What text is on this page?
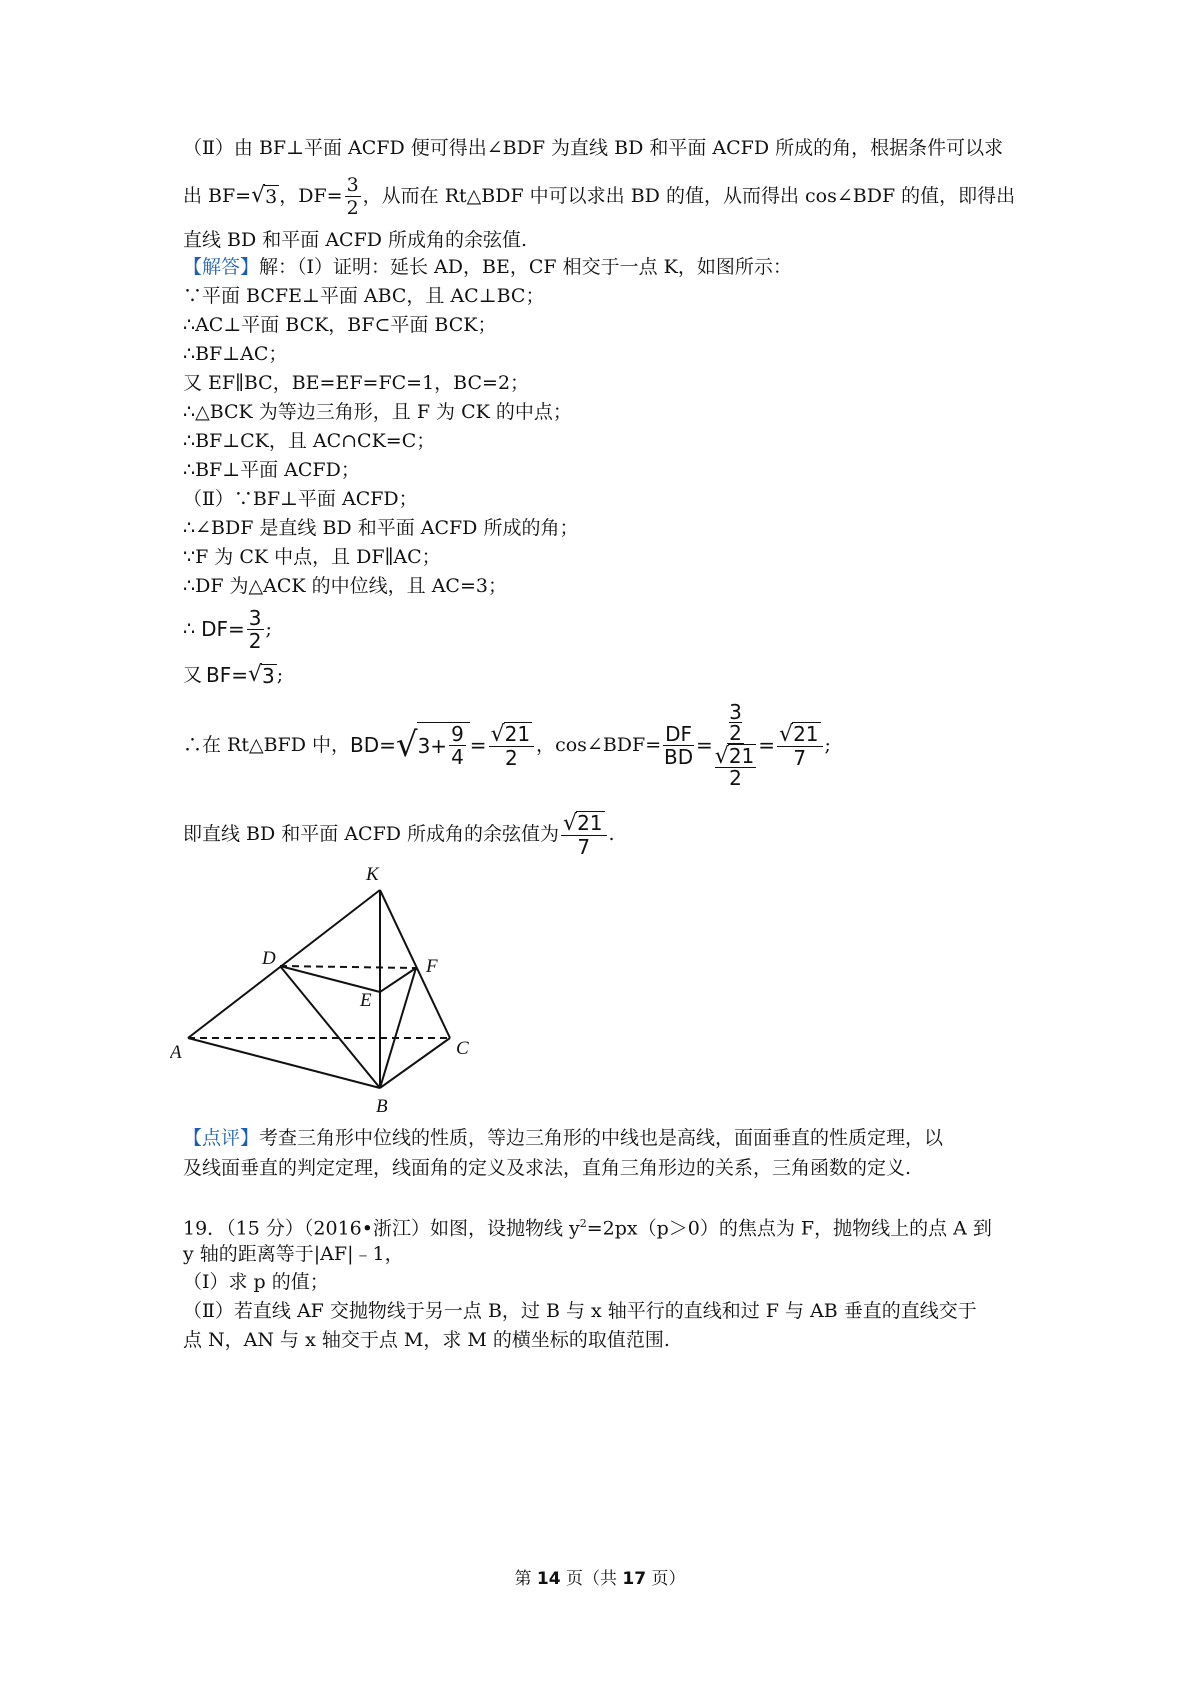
（Ⅱ）由 BF⊥平面 ACFD 便可得出∠BDF 为直线 BD 和平面 ACFD 所成的角，根据条件可以求
出 BF= √ 3 ，$DF= \frac{3}{2}$ ，从而在 Rt△BDF 中可以求出 BD 的值，从而得出 cos∠BDF 的值，即得出
直线 BD 和平面 ACFD 所成角的余弦值.
【解答】解：（Ⅰ）证明：延长 AD，BE，CF 相交于一点 K，如图所示：
∵平面 BCFE⊥平面 ABC，且 AC⊥BC；
∴AC⊥平面 BCK，BF⊂平面 BCK；
∴BF⊥AC；
又 EF∥BC，BE=EF=FC=1，BC=2；
∴△BCK 为等边三角形，且 F 为 CK 的中点；
∴BF⊥CK，且 AC∩CK=C；
∴BF⊥平面 ACFD；
（Ⅱ）∵BF⊥平面 ACFD；
∴∠BDF 是直线 BD 和平面 ACFD 所成的角；
∵F 为 CK 中点，且 DF∥AC；
∴DF 为△ACK 的中位线，且 AC=3；
∴ $DF= \frac{3}{2}$ ;
又 BF= √ 3 ;
∴在 Rt△BFD 中， BD= √ $3+ \frac{9}{4} = \frac{√21}{2}$ ， cos∠BDF= $\frac{DF}{BD} = \frac{\frac{3}{2}}{\frac{√21}{2}} = \frac{√21}{7}$ ;
即直线 BD 和平面 ACFD 所成角的余弦值为 $\frac{√21}{7}$ .
K
D	F
E
A	C
B
【点评】考查三角形中位线的性质，等边三角形的中线也是高线，面面垂直的性质定理，以
及线面垂直的判定定理，线面角的定义及求法，直角三角形边的关系，三角函数的定义.
19．（15 分）（2016•浙江）如图，设抛物线 $y^2=2px(p>0)$的焦点为 F，抛物线上的点 A 到
y 轴的距离等于|AF|﹣1，
（Ⅰ）求 p 的值；
（Ⅱ）若直线 AF 交抛物线于另一点 B，过 B 与 x 轴平行的直线和过 F 与 AB 垂直的直线交于
点 N，AN 与 x 轴交于点 M，求 M 的横坐标的取值范围.
第 14 页（共 17 页）
